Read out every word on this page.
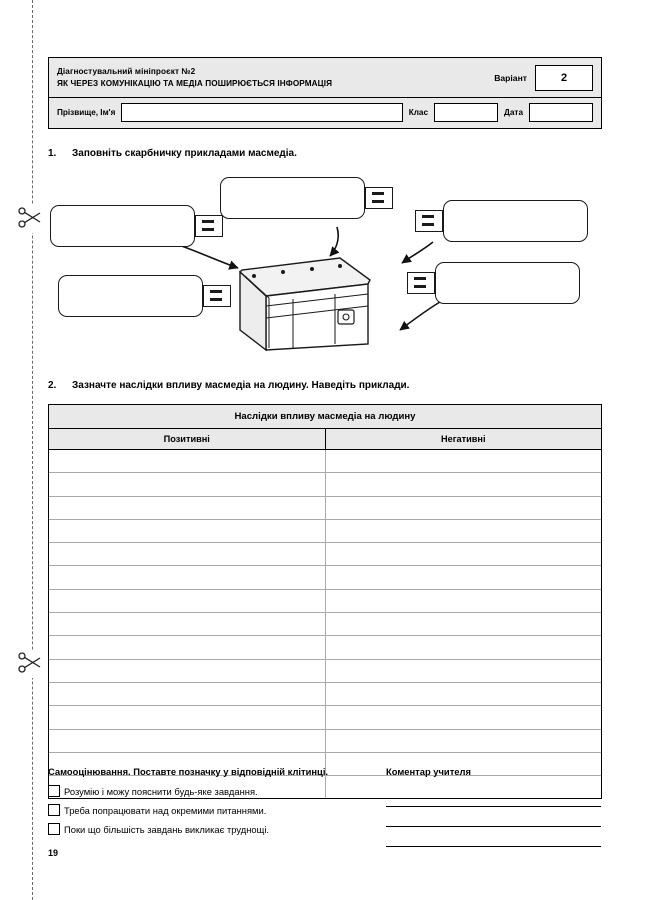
Діагностувальний мініпроєкт №2
ЯК ЧЕРЕЗ КОМУНІКАЦІЮ ТА МЕДІА ПОШИРЮЄТЬСЯ ІНФОРМАЦІЯ
Варіант	2
Прізвище, Ім'я	Клас	Дата
1.	Заповніть скарбничку прикладами масмедіа.
2.	Зазначте наслідки впливу масмедіа на людину. Наведіть приклади.
Наслідки впливу масмедіа на людину
Позитивні	Негативні
Самооцінювання. Поставте позначку у відповідній клітинці.	Коментар учителя
Розумію і можу пояснити будь-яке завдання.
Треба попрацювати над окремими питаннями.
Поки що більшість завдань викликає труднощі.
19
